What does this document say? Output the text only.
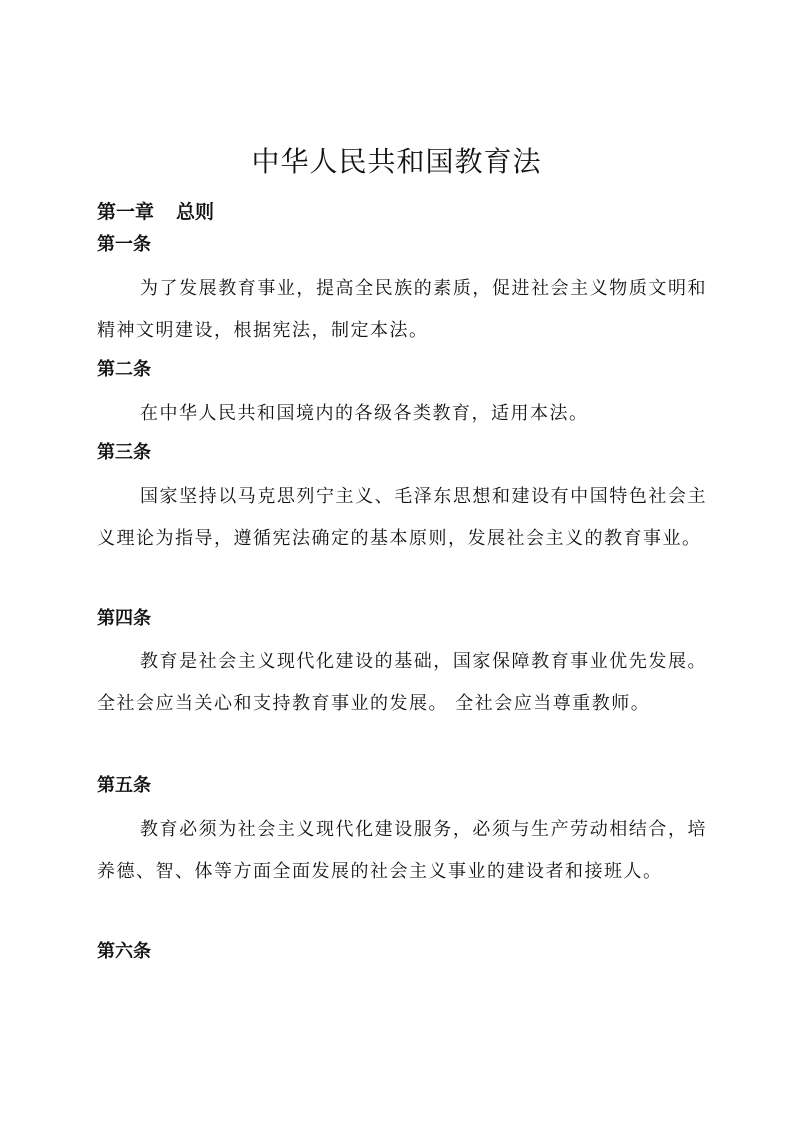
中华人民共和国教育法
第一章 总则
第一条

为了发展教育事业，提高全民族的素质，促进社会主义物质文明和精神文明建设，根据宪法，制定本法。

第二条

在中华人民共和国境内的各级各类教育，适用本法。

第三条

国家坚持以马克思列宁主义、毛泽东思想和建设有中国特色社会主义理论为指导，遵循宪法确定的基本原则，发展社会主义的教育事业。

第四条

教育是社会主义现代化建设的基础，国家保障教育事业优先发展。 全社会应当关心和支持教育事业的发展。 全社会应当尊重教师。

第五条

教育必须为社会主义现代化建设服务，必须与生产劳动相结合，培养德、智、体等方面全面发展的社会主义事业的建设者和接班人。

第六条
